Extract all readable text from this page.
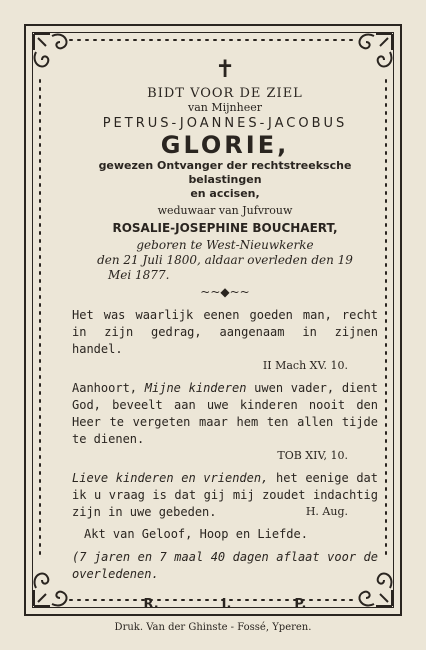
✝
BIDT VOOR DE ZIEL
van Mijnheer
PETRUS-JOANNES-JACOBUS
GLORIE,
gewezen Ontvanger der rechtstreeksche belastingen
en accisen,
weduwaar van Jufvrouw
ROSALIE-JOSEPHINE BOUCHAERT,
geboren te West-Nieuwkerke
den 21 Juli 1800, aldaar overleden den 19
Mei 1877.
~~◆~~
Het was waarlijk eenen goeden man, recht in zijn gedrag, aangenaam in zijnen handel.
II Mach XV. 10.
Aanhoort, Mijne kinderen uwen vader, dient God, beveelt aan uwe kinderen nooit den Heer te vergeten maar hem ten allen tijde te dienen.
TOB XIV, 10.
Lieve kinderen en vrienden, het eenige dat ik u vraag is dat gij mij zoudet indachtig zijn in uwe gebeden.	H. Aug.
Akt van Geloof, Hoop en Liefde.
(7 jaren en 7 maal 40 dagen aflaat voor de overledenen.
R.	I.	P.
Druk. Van der Ghinste - Fossé, Yperen.
